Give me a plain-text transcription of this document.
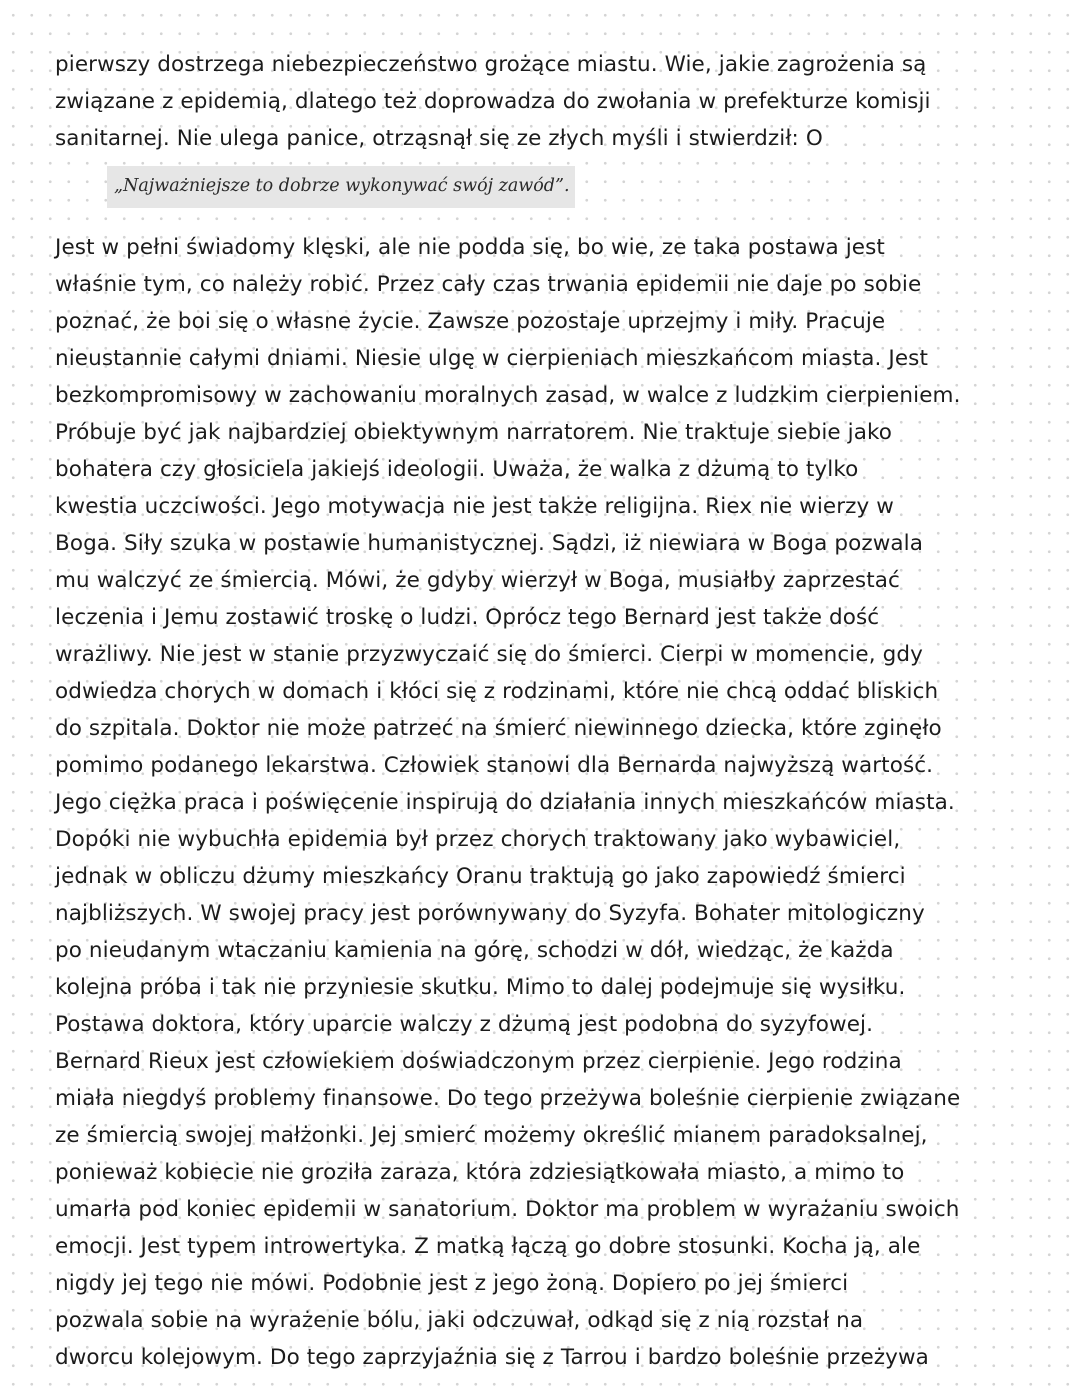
pierwszy dostrzega niebezpieczeństwo grożące miastu. Wie, jakie zagrożenia są
związane z epidemią, dlatego też doprowadza do zwołania w prefekturze komisji
sanitarnej. Nie ulega panice, otrząsnął się ze złych myśli i stwierdził: O
„Najważniejsze to dobrze wykonywać swój zawód”.
Jest w pełni świadomy klęski, ale nie podda się, bo wie, ze taka postawa jest
właśnie tym, co należy robić. Przez cały czas trwania epidemii nie daje po sobie
poznać, że boi się o własne życie. Zawsze pozostaje uprzejmy i miły. Pracuje
nieustannie całymi dniami. Niesie ulgę w cierpieniach mieszkańcom miasta. Jest
bezkompromisowy w zachowaniu moralnych zasad, w walce z ludzkim cierpieniem.
Próbuje być jak najbardziej obiektywnym narratorem. Nie traktuje siebie jako
bohatera czy głosiciela jakiejś ideologii. Uważa, że walka z dżumą to tylko
kwestia uczciwości. Jego motywacja nie jest także religijna. Riex nie wierzy w
Boga. Siły szuka w postawie humanistycznej. Sądzi, iż niewiara w Boga pozwala
mu walczyć ze śmiercią. Mówi, że gdyby wierzył w Boga, musiałby zaprzestać
leczenia i Jemu zostawić troskę o ludzi. Oprócz tego Bernard jest także dość
wrażliwy. Nie jest w stanie przyzwyczaić się do śmierci. Cierpi w momencie, gdy
odwiedza chorych w domach i kłóci się z rodzinami, które nie chcą oddać bliskich
do szpitala. Doktor nie może patrzeć na śmierć niewinnego dziecka, które zginęło
pomimo podanego lekarstwa. Człowiek stanowi dla Bernarda najwyższą wartość.
Jego ciężka praca i poświęcenie inspirują do działania innych mieszkańców miasta.
Dopóki nie wybuchła epidemia był przez chorych traktowany jako wybawiciel,
jednak w obliczu dżumy mieszkańcy Oranu traktują go jako zapowiedź śmierci
najbliższych. W swojej pracy jest porównywany do Syzyfa. Bohater mitologiczny
po nieudanym wtaczaniu kamienia na górę, schodzi w dół, wiedząc, że każda
kolejna próba i tak nie przyniesie skutku. Mimo to dalej podejmuje się wysiłku.
Postawa doktora, który uparcie walczy z dżumą jest podobna do syzyfowej.
Bernard Rieux jest człowiekiem doświadczonym przez cierpienie. Jego rodzina
miała niegdyś problemy finansowe. Do tego przeżywa boleśnie cierpienie związane
ze śmiercią swojej małżonki. Jej smierć możemy określić mianem paradoksalnej,
ponieważ kobiecie nie groziła zaraza, która zdziesiątkowała miasto, a mimo to
umarła pod koniec epidemii w sanatorium. Doktor ma problem w wyrażaniu swoich
emocji. Jest typem introwertyka. Z matką łączą go dobre stosunki. Kocha ją, ale
nigdy jej tego nie mówi. Podobnie jest z jego żoną. Dopiero po jej śmierci
pozwala sobie na wyrażenie bólu, jaki odczuwał, odkąd się z nią rozstał na
dworcu kolejowym. Do tego zaprzyjaźnia się z Tarrou i bardzo boleśnie przeżywa
